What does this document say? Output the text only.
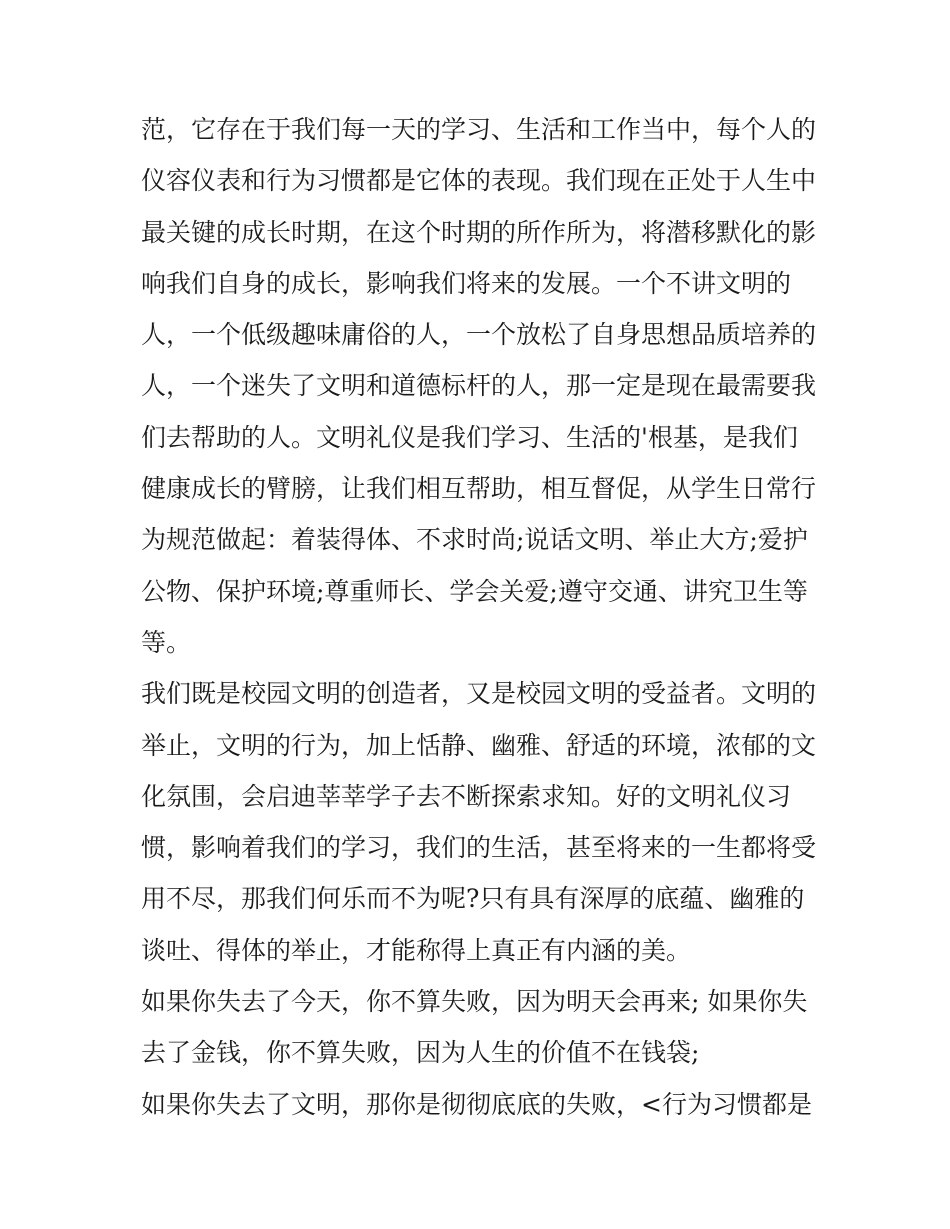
范，它存在于我们每一天的学习、生活和工作当中，每个人的
仪容仪表和行为习惯都是它体的表现。我们现在正处于人生中
最关键的成长时期，在这个时期的所作所为，将潜移默化的影
响我们自身的成长，影响我们将来的发展。一个不讲文明的
人，一个低级趣味庸俗的人，一个放松了自身思想品质培养的
人，一个迷失了文明和道德标杆的人，那一定是现在最需要我
们去帮助的人。文明礼仪是我们学习、生活的'根基，是我们
健康成长的臂膀，让我们相互帮助，相互督促，从学生日常行
为规范做起：着装得体、不求时尚;说话文明、举止大方;爱护
公物、保护环境;尊重师长、学会关爱;遵守交通、讲究卫生等
等。
我们既是校园文明的创造者，又是校园文明的受益者。文明的
举止，文明的行为，加上恬静、幽雅、舒适的环境，浓郁的文
化氛围，会启迪莘莘学子去不断探索求知。好的文明礼仪习
惯，影响着我们的学习，我们的生活，甚至将来的一生都将受
用不尽，那我们何乐而不为呢?只有具有深厚的底蕴、幽雅的
谈吐、得体的举止，才能称得上真正有内涵的美。
如果你失去了今天，你不算失败，因为明天会再来; 如果你失
去了金钱，你不算失败，因为人生的价值不在钱袋;
如果你失去了文明，那你是彻彻底底的失败，<行为习惯都是
